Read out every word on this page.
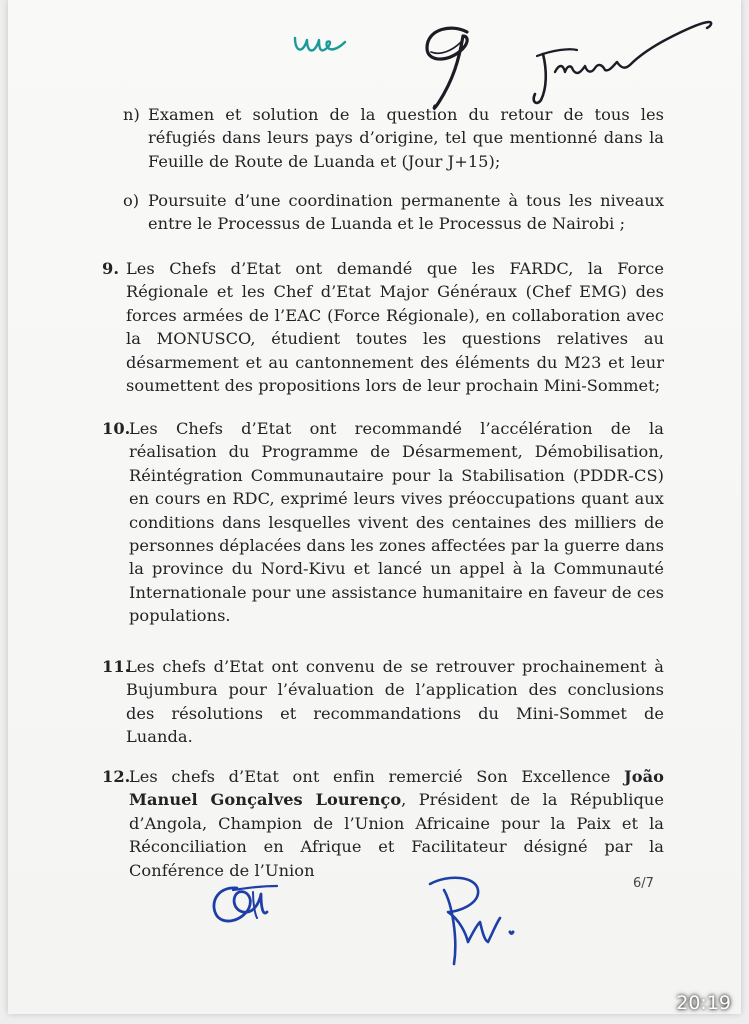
n) Examen et solution de la question du retour de tous les réfugiés dans leurs pays d’origine, tel que mentionné dans la Feuille de Route de Luanda et (Jour J+15);
o) Poursuite d’une coordination permanente à tous les niveaux entre le Processus de Luanda et le Processus de Nairobi ;
9. Les Chefs d’Etat ont demandé que les FARDC, la Force Régionale et les Chef d’Etat Major Généraux (Chef EMG) des forces armées de l’EAC (Force Régionale), en collaboration avec la MONUSCO, étudient toutes les questions relatives au désarmement et au cantonnement des éléments du M23 et leur soumettent des propositions lors de leur prochain Mini-Sommet;
10.
Les Chefs d’Etat ont recommandé l’accélération de la réalisation du Programme de Désarmement, Démobilisation, Réintégration Communautaire pour la Stabilisation (PDDR-CS) en cours en RDC, exprimé leurs vives préoccupations quant aux conditions dans lesquelles vivent des centaines des milliers de personnes déplacées dans les zones affectées par la guerre dans la province du Nord-Kivu et lancé un appel à la Communauté Internationale pour une assistance humanitaire en faveur de ces populations.
11.
Les chefs d’Etat ont convenu de se retrouver prochainement à Bujumbura pour l’évaluation de l’application des conclusions des résolutions et recommandations du Mini-Sommet de Luanda.
12.
Les chefs d’Etat ont enfin remercié Son Excellence João Manuel Gonçalves Lourenço, Président de la République d’Angola, Champion de l’Union Africaine pour la Paix et la Réconciliation en Afrique et Facilitateur désigné par la Conférence de l’Union
6/7
20:19
